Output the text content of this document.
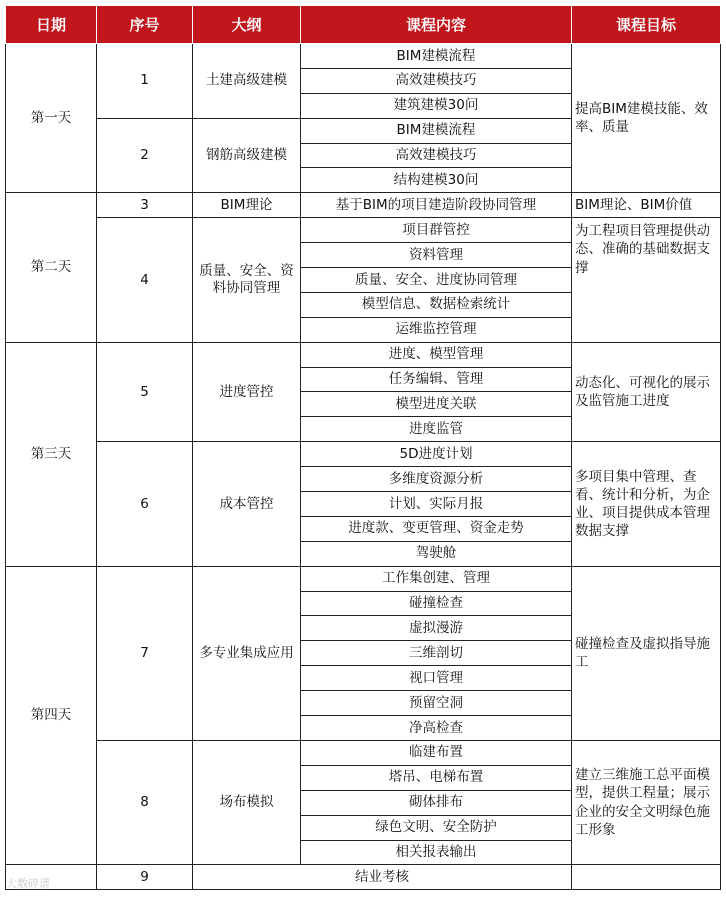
日期	序号	大纲	课程内容	课程目标
第一天	1	土建高级建模	BIM建模流程	提高BIM建模技能、效率、质量
			高效建模技巧	
			建筑建模30问	
	2	钢筋高级建模	BIM建模流程	
			高效建模技巧	
			结构建模30问	
第二天	3	BIM理论	基于BIM的项目建造阶段协同管理	BIM理论、BIM价值
	4	质量、安全、资料协同管理	项目群管控	为工程项目管理提供动态、准确的基础数据支撑
			资料管理	
			质量、安全、进度协同管理	
			模型信息、数据检索统计	
			运维监控管理	
第三天	5	进度管控	进度、模型管理	动态化、可视化的展示及监管施工进度
			任务编辑、管理	
			模型进度关联	
			进度监管	
	6	成本管控	5D进度计划	多项目集中管理、查看、统计和分析，为企业、项目提供成本管理数据支撑
			多维度资源分析	
			计划、实际月报	
			进度款、变更管理、资金走势	
			驾驶舱	
第四天	7	多专业集成应用	工作集创建、管理	碰撞检查及虚拟指导施工
			碰撞检查	
			虚拟漫游	
			三维剖切	
			视口管理	
			预留空洞	
			净高检查	
	8	场布模拟	临建布置	建立三维施工总平面模型，提供工程量；展示企业的安全文明绿色施工形象
			塔吊、电梯布置	
			砌体排布	
			绿色文明、安全防护	
			相关报表输出	
	9	结业考核		
大数碎谱
